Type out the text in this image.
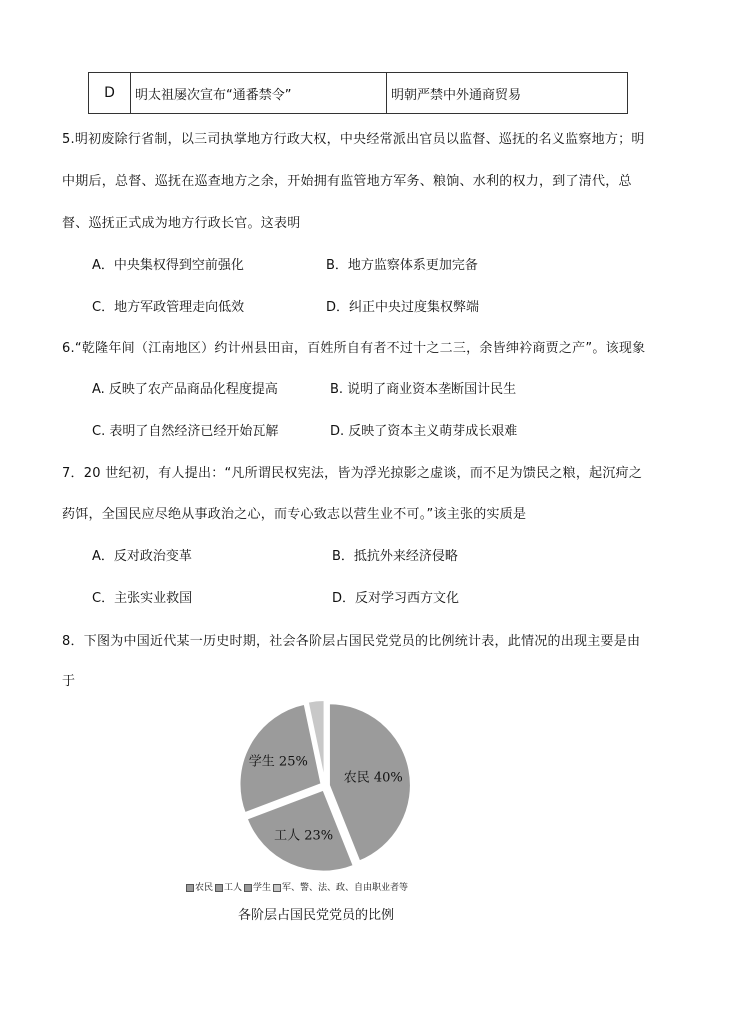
D	明太祖屡次宣布“通番禁令”	明朝严禁中外通商贸易
5.明初废除行省制，以三司执掌地方行政大权，中央经常派出官员以监督、巡抚的名义监察地方；明
中期后，总督、巡抚在巡查地方之余，开始拥有监管地方军务、粮饷、水利的权力，到了清代，总
督、巡抚正式成为地方行政长官。这表明
A．中央集权得到空前强化	B．地方监察体系更加完备
C．地方军政管理走向低效	D．纠正中央过度集权弊端
6.“乾隆年间（江南地区）约计州县田亩，百姓所自有者不过十之二三，余皆绅衿商贾之产”。该现象
A. 反映了农产品商品化程度提高	B. 说明了商业资本垄断国计民生
C. 表明了自然经济已经开始瓦解	D. 反映了资本主义萌芽成长艰难
7．20 世纪初，有人提出：“凡所谓民权宪法，皆为浮光掠影之虚谈，而不足为馈民之粮，起沉疴之
药饵，全国民应尽绝从事政治之心，而专心致志以营生业不可。”该主张的实质是
A．反对政治变革	B．抵抗外来经济侵略
C．主张实业救国	D．反对学习西方文化
8．下图为中国近代某一历史时期，社会各阶层占国民党党员的比例统计表，此情况的出现主要是由
于
农民 40%
工人 23%
学生 25%
农民	工人	学生	军、警、法、政、自由职业者等
各阶层占国民党党员的比例
